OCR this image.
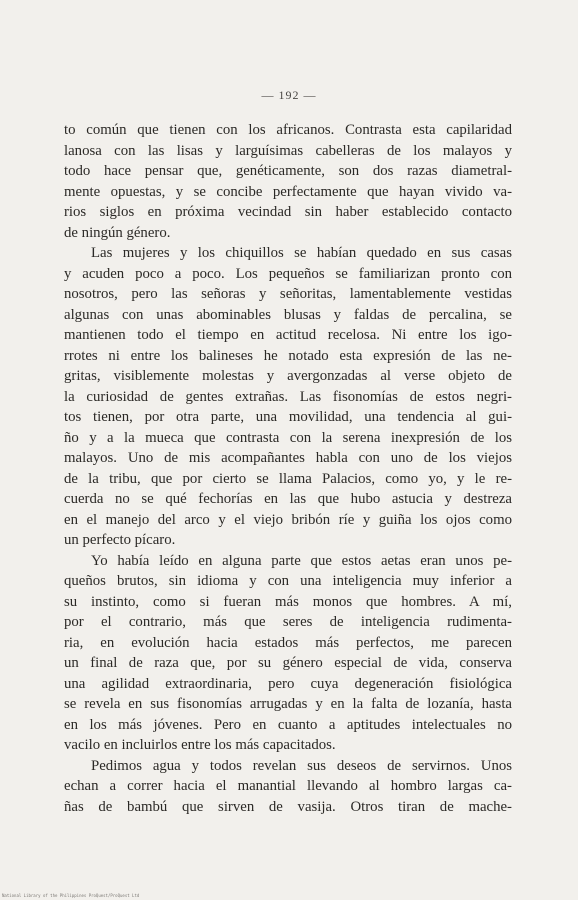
— 192 —
to común que tienen con los africanos. Contrasta esta capilaridad
lanosa con las lisas y larguísimas cabelleras de los malayos y
todo hace pensar que, genéticamente, son dos razas diametral-
mente opuestas, y se concibe perfectamente que hayan vivido va-
rios siglos en próxima vecindad sin haber establecido contacto
de ningún género.
Las mujeres y los chiquillos se habían quedado en sus casas
y acuden poco a poco. Los pequeños se familiarizan pronto con
nosotros, pero las señoras y señoritas, lamentablemente vestidas
algunas con unas abominables blusas y faldas de percalina, se
mantienen todo el tiempo en actitud recelosa. Ni entre los igo-
rrotes ni entre los balineses he notado esta expresión de las ne-
gritas, visiblemente molestas y avergonzadas al verse objeto de
la curiosidad de gentes extrañas. Las fisonomías de estos negri-
tos tienen, por otra parte, una movilidad, una tendencia al gui-
ño y a la mueca que contrasta con la serena inexpresión de los
malayos. Uno de mis acompañantes habla con uno de los viejos
de la tribu, que por cierto se llama Palacios, como yo, y le re-
cuerda no se qué fechorías en las que hubo astucia y destreza
en el manejo del arco y el viejo bribón ríe y guiña los ojos como
un perfecto pícaro.
Yo había leído en alguna parte que estos aetas eran unos pe-
queños brutos, sin idioma y con una inteligencia muy inferior a
su instinto, como si fueran más monos que hombres. A mí,
por el contrario, más que seres de inteligencia rudimenta-
ria, en evolución hacia estados más perfectos, me parecen
un final de raza que, por su género especial de vida, conserva
una agilidad extraordinaria, pero cuya degeneración fisiológica
se revela en sus fisonomías arrugadas y en la falta de lozanía, hasta
en los más jóvenes. Pero en cuanto a aptitudes intelectuales no
vacilo en incluirlos entre los más capacitados.
Pedimos agua y todos revelan sus deseos de servirnos. Unos
echan a correr hacia el manantial llevando al hombro largas ca-
ñas de bambú que sirven de vasija. Otros tiran de mache-
National Library of the Philippines ProQuest/ProQuest Ltd
